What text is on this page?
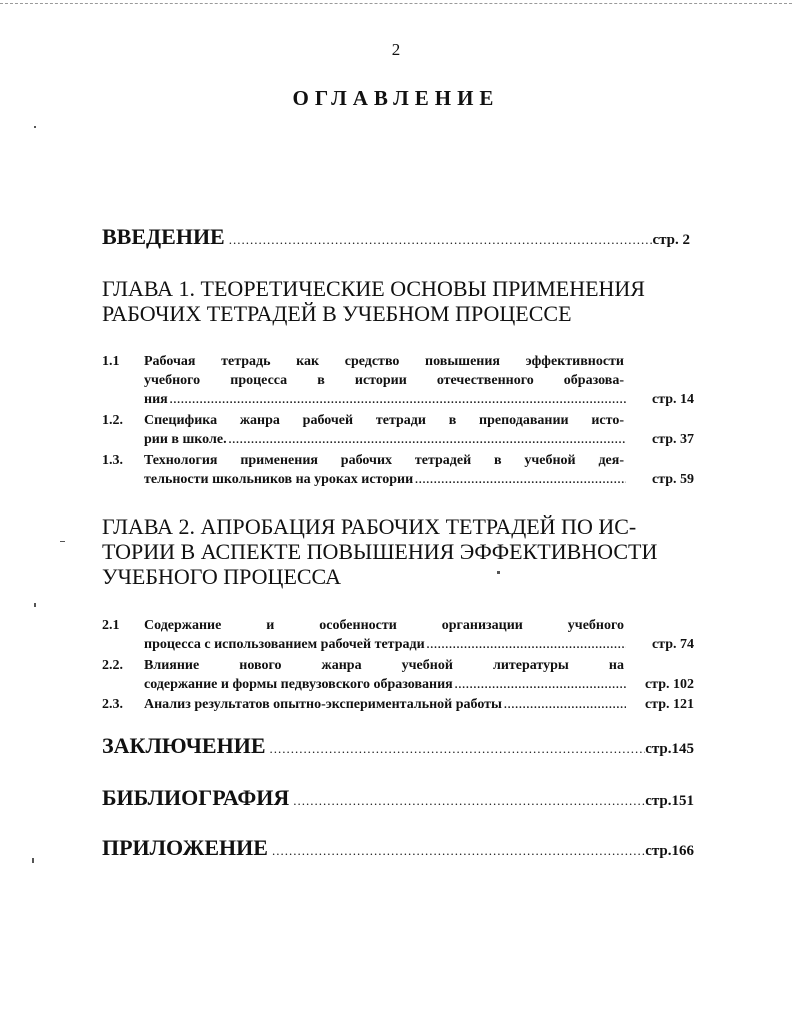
2
ОГЛАВЛЕНИЕ
ВВЕДЕНИЕ .....	стр. 2
ГЛАВА 1. ТЕОРЕТИЧЕСКИЕ ОСНОВЫ ПРИМЕНЕНИЯ
РАБОЧИХ ТЕТРАДЕЙ В УЧЕБНОМ ПРОЦЕССЕ
1.1	Рабочая тетрадь как средство повышения эффективности
учебного процесса в истории отечественного образова-
ния .....	стр. 14
1.2.	Специфика жанра рабочей тетради в преподавании исто-
рии в школе. .....	стр. 37
1.3.	Технология применения рабочих тетрадей в учебной дея-
тельности школьников на уроках истории .....	стр. 59
ГЛАВА 2. АПРОБАЦИЯ РАБОЧИХ ТЕТРАДЕЙ ПО ИС-
ТОРИИ В АСПЕКТЕ ПОВЫШЕНИЯ ЭФФЕКТИВНОСТИ
УЧЕБНОГО ПРОЦЕССА
2.1	Содержание и особенности организации учебного
процесса с использованием рабочей тетради .....	стр. 74
2.2.	Влияние нового жанра учебной литературы на
содержание и формы педвузовского образования .....	стр. 102
2.3.	Анализ результатов опытно-экспериментальной работы .....	стр. 121
ЗАКЛЮЧЕНИЕ .....	стр.145
БИБЛИОГРАФИЯ .....	стр.151
ПРИЛОЖЕНИЕ .....	стр.166
